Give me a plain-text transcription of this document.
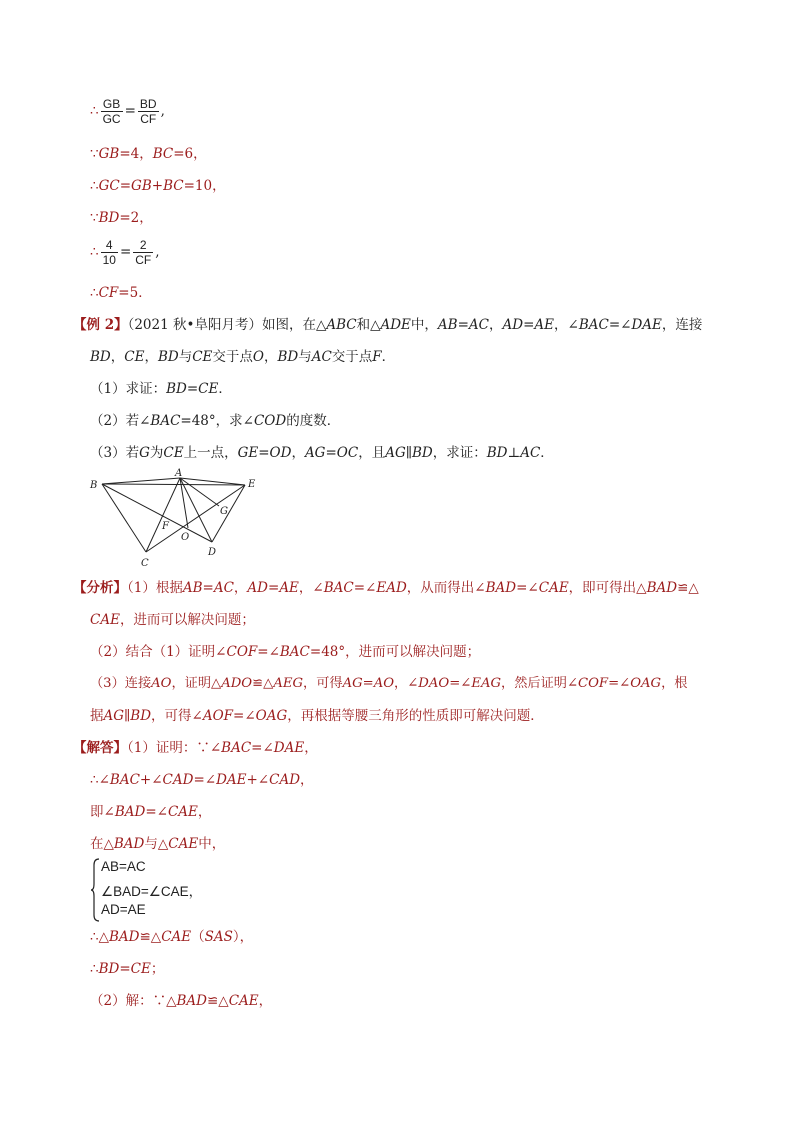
∴ $\frac{GB}{GC} = \frac{BD}{CF}$ ,
∵GB=4，BC=6，
∴GC=GB+BC=10，
∵BD=2，
∴ $\frac{4}{10} = \frac{2}{CF}$ ,
∴CF=5．
【例 2】（2021 秋•阜阳月考）如图，在△ABC和△ADE中，AB=AC，AD=AE，∠BAC=∠DAE，连接
BD，CE，BD与CE交于点O，BD与AC交于点F．
（1）求证：BD=CE．
（2）若∠BAC=48°，求∠COD的度数．
（3）若G为CE上一点，GE=OD，AG=OC，且AG∥BD，求证：BD⊥AC．
A
B
C
D
E
F
G
O
【分析】（1）根据AB=AC，AD=AE，∠BAC=∠EAD，从而得出∠BAD=∠CAE，即可得出△BAD≌△
CAE，进而可以解决问题；
（2）结合（1）证明∠COF=∠BAC=48°，进而可以解决问题；
（3）连接AO，证明△ADO≌△AEG，可得AG=AO，∠DAO=∠EAG，然后证明∠COF=∠OAG，根
据AG∥BD，可得∠AOF=∠OAG，再根据等腰三角形的性质即可解决问题．
【解答】（1）证明：∵∠BAC=∠DAE，
∴∠BAC+∠CAD=∠DAE+∠CAD，
即∠BAD=∠CAE，
在△BAD与△CAE中，
AB=AC
∠BAD=∠CAE，
AD=AE
∴△BAD≌△CAE（SAS），
∴BD=CE；
（2）解：∵△BAD≌△CAE，
